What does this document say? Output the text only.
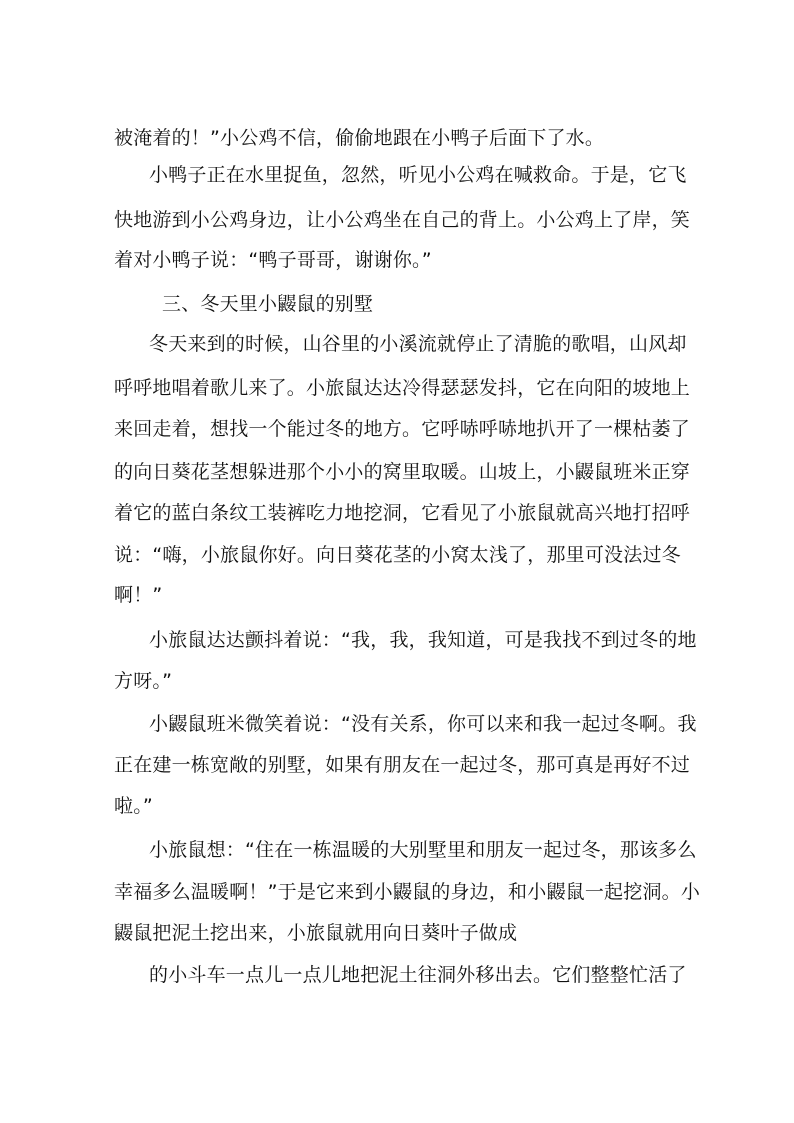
被淹着的！”小公鸡不信，偷偷地跟在小鸭子后面下了水。
小鸭子正在水里捉鱼，忽然，听见小公鸡在喊救命。于是，它飞
快地游到小公鸡身边，让小公鸡坐在自己的背上。小公鸡上了岸，笑
着对小鸭子说：“鸭子哥哥，谢谢你。”
三、冬天里小鼹鼠的别墅
冬天来到的时候，山谷里的小溪流就停止了清脆的歌唱，山风却
呼呼地唱着歌儿来了。小旅鼠达达冷得瑟瑟发抖，它在向阳的坡地上
来回走着，想找一个能过冬的地方。它呼哧呼哧地扒开了一棵枯萎了
的向日葵花茎想躲进那个小小的窝里取暖。山坡上，小鼹鼠班米正穿
着它的蓝白条纹工装裤吃力地挖洞，它看见了小旅鼠就高兴地打招呼
说：“嗨，小旅鼠你好。向日葵花茎的小窝太浅了，那里可没法过冬
啊！”
小旅鼠达达颤抖着说：“我，我，我知道，可是我找不到过冬的地
方呀。”
小鼹鼠班米微笑着说：“没有关系，你可以来和我一起过冬啊。我
正在建一栋宽敞的别墅，如果有朋友在一起过冬，那可真是再好不过
啦。”
小旅鼠想：“住在一栋温暖的大别墅里和朋友一起过冬，那该多么
幸福多么温暖啊！”于是它来到小鼹鼠的身边，和小鼹鼠一起挖洞。小
鼹鼠把泥土挖出来，小旅鼠就用向日葵叶子做成
的小斗车一点儿一点儿地把泥土往洞外移出去。它们整整忙活了
